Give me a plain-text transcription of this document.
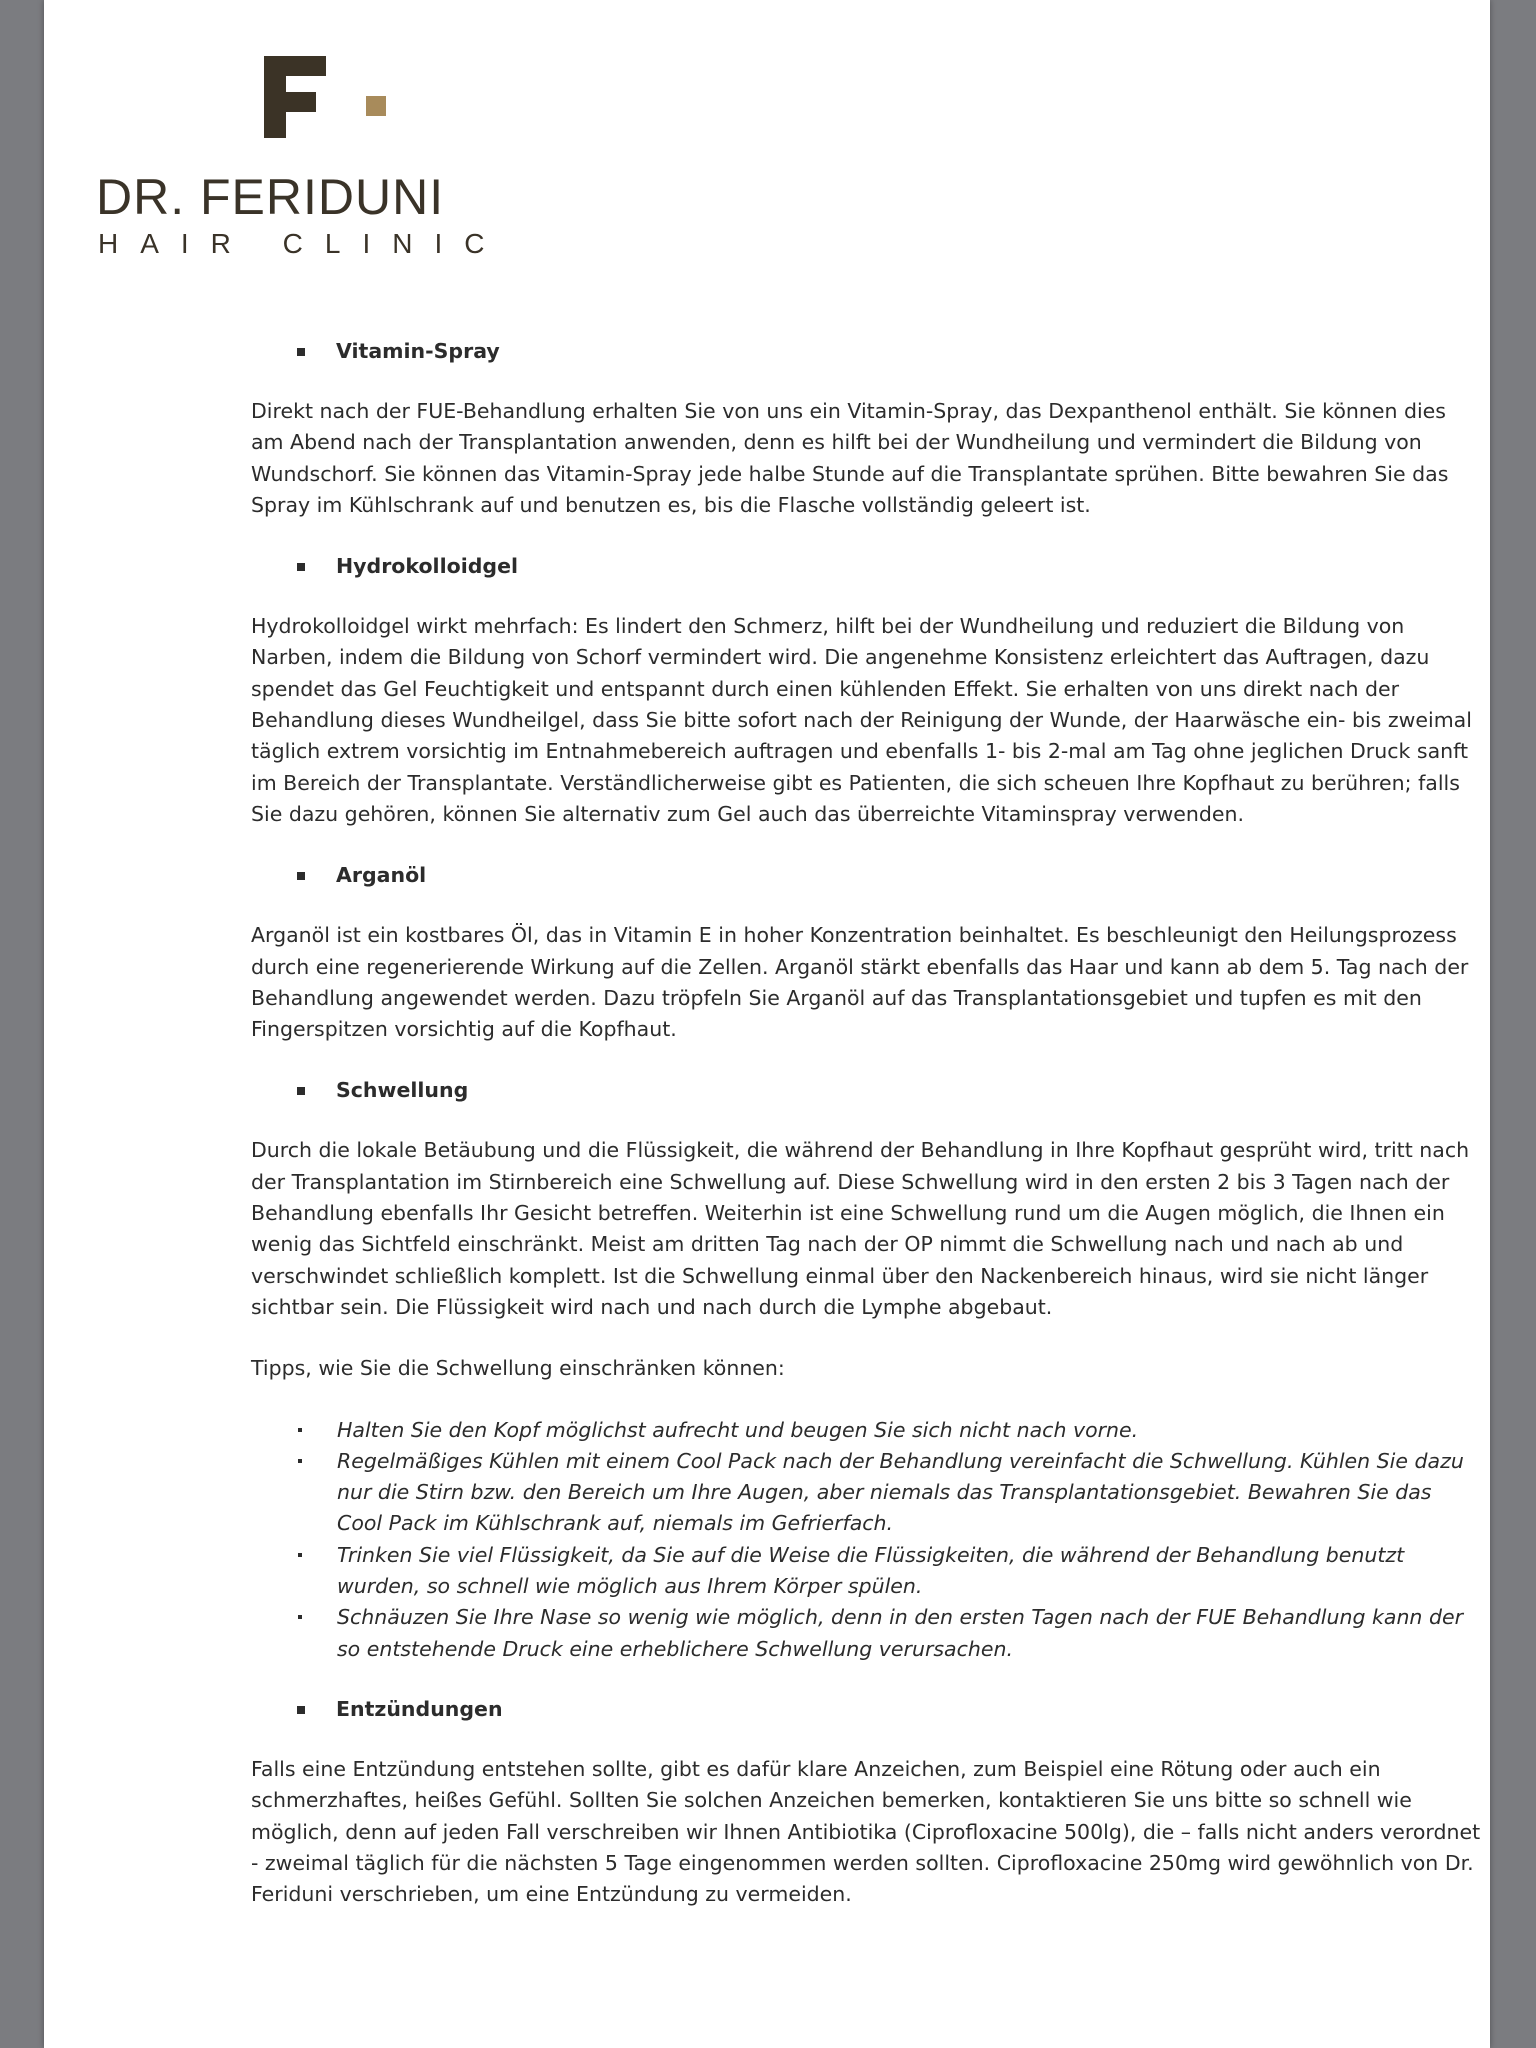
DR. FERIDUNI
HAIR CLINIC
Vitamin-Spray

Direkt nach der FUE-Behandlung erhalten Sie von uns ein Vitamin-Spray, das Dexpanthenol enthält. Sie können dies am Abend nach der Transplantation anwenden, denn es hilft bei der Wundheilung und vermindert die Bildung von Wundschorf. Sie können das Vitamin-Spray jede halbe Stunde auf die Transplantate sprühen. Bitte bewahren Sie das Spray im Kühlschrank auf und benutzen es, bis die Flasche vollständig geleert ist.

Hydrokolloidgel

Hydrokolloidgel wirkt mehrfach: Es lindert den Schmerz, hilft bei der Wundheilung und reduziert die Bildung von Narben, indem die Bildung von Schorf vermindert wird. Die angenehme Konsistenz erleichtert das Auftragen, dazu spendet das Gel Feuchtigkeit und entspannt durch einen kühlenden Effekt. Sie erhalten von uns direkt nach der Behandlung dieses Wundheilgel, dass Sie bitte sofort nach der Reinigung der Wunde, der Haarwäsche ein- bis zweimal täglich extrem vorsichtig im Entnahmebereich auftragen und ebenfalls 1- bis 2-mal am Tag ohne jeglichen Druck sanft im Bereich der Transplantate. Verständlicherweise gibt es Patienten, die sich scheuen Ihre Kopfhaut zu berühren; falls Sie dazu gehören, können Sie alternativ zum Gel auch das überreichte Vitaminspray verwenden.

Arganöl

Arganöl ist ein kostbares Öl, das in Vitamin E in hoher Konzentration beinhaltet. Es beschleunigt den Heilungsprozess durch eine regenerierende Wirkung auf die Zellen. Arganöl stärkt ebenfalls das Haar und kann ab dem 5. Tag nach der Behandlung angewendet werden. Dazu tröpfeln Sie Arganöl auf das Transplantationsgebiet und tupfen es mit den Fingerspitzen vorsichtig auf die Kopfhaut.

Schwellung

Durch die lokale Betäubung und die Flüssigkeit, die während der Behandlung in Ihre Kopfhaut gesprüht wird, tritt nach der Transplantation im Stirnbereich eine Schwellung auf. Diese Schwellung wird in den ersten 2 bis 3 Tagen nach der Behandlung ebenfalls Ihr Gesicht betreffen. Weiterhin ist eine Schwellung rund um die Augen möglich, die Ihnen ein wenig das Sichtfeld einschränkt. Meist am dritten Tag nach der OP nimmt die Schwellung nach und nach ab und verschwindet schließlich komplett. Ist die Schwellung einmal über den Nackenbereich hinaus, wird sie nicht länger sichtbar sein. Die Flüssigkeit wird nach und nach durch die Lymphe abgebaut.

Tipps, wie Sie die Schwellung einschränken können:

Halten Sie den Kopf möglichst aufrecht und beugen Sie sich nicht nach vorne.
Regelmäßiges Kühlen mit einem Cool Pack nach der Behandlung vereinfacht die Schwellung. Kühlen Sie dazu nur die Stirn bzw. den Bereich um Ihre Augen, aber niemals das Transplantationsgebiet. Bewahren Sie das Cool Pack im Kühlschrank auf, niemals im Gefrierfach.
Trinken Sie viel Flüssigkeit, da Sie auf die Weise die Flüssigkeiten, die während der Behandlung benutzt wurden, so schnell wie möglich aus Ihrem Körper spülen.
Schnäuzen Sie Ihre Nase so wenig wie möglich, denn in den ersten Tagen nach der FUE Behandlung kann der so entstehende Druck eine erheblichere Schwellung verursachen.
Entzündungen

Falls eine Entzündung entstehen sollte, gibt es dafür klare Anzeichen, zum Beispiel eine Rötung oder auch ein schmerzhaftes, heißes Gefühl. Sollten Sie solchen Anzeichen bemerken, kontaktieren Sie uns bitte so schnell wie möglich, denn auf jeden Fall verschreiben wir Ihnen Antibiotika (Ciprofloxacine 500lg), die – falls nicht anders verordnet - zweimal täglich für die nächsten 5 Tage eingenommen werden sollten. Ciprofloxacine 250mg wird gewöhnlich von Dr. Feriduni verschrieben, um eine Entzündung zu vermeiden.
